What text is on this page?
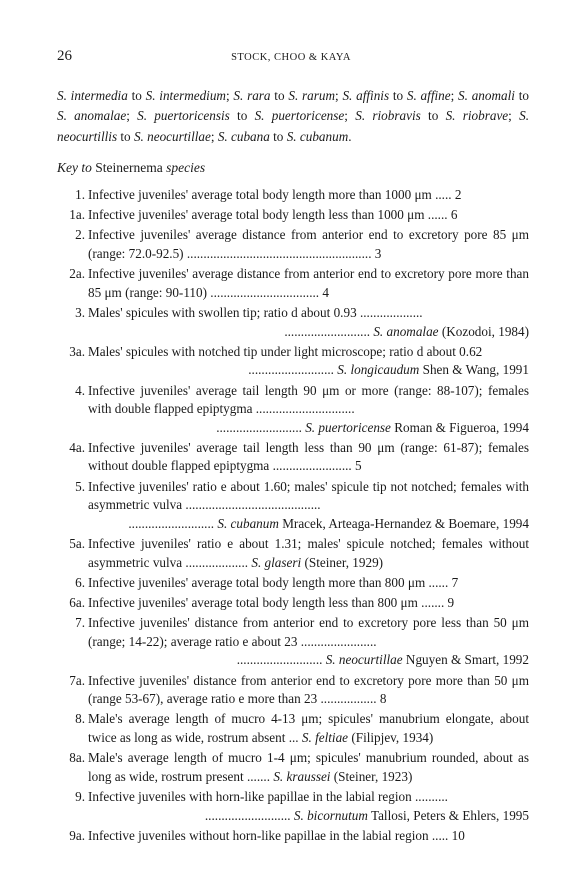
26	STOCK, CHOO & KAYA
S. intermedia to S. intermedium; S. rara to S. rarum; S. affinis to S. affine; S. anomali to S. anomalae; S. puertoricensis to S. puertoricense; S. riobravis to S. riobrave; S. neocurtillis to S. neocurtillae; S. cubana to S. cubanum.
Key to Steinernema species
1. Infective juveniles' average total body length more than 1000 μm ..... 2
1a. Infective juveniles' average total body length less than 1000 μm ...... 6
2. Infective juveniles' average distance from anterior end to excretory pore 85 μm (range: 72.0-92.5) ........................................................ 3
2a. Infective juveniles' average distance from anterior end to excretory pore more than 85 μm (range: 90-110) ................................. 4
3. Males' spicules with swollen tip; ratio d about 0.93 ...................
.......................... S. anomalae (Kozodoi, 1984)
3a. Males' spicules with notched tip under light microscope; ratio d about 0.62
.......................... S. longicaudum Shen & Wang, 1991
4. Infective juveniles' average tail length 90 μm or more (range: 88-107); females with double flapped epiptygma ..............................
.......................... S. puertoricense Roman & Figueroa, 1994
4a. Infective juveniles' average tail length less than 90 μm (range: 61-87); females without double flapped epiptygma ........................ 5
5. Infective juveniles' ratio e about 1.60; males' spicule tip not notched; females with asymmetric vulva .........................................
.......................... S. cubanum Mracek, Arteaga-Hernandez & Boemare, 1994
5a. Infective juveniles' ratio e about 1.31; males' spicule notched; females without asymmetric vulva ................... S. glaseri (Steiner, 1929)
6. Infective juveniles' average total body length more than 800 μm ...... 7
6a. Infective juveniles' average total body length less than 800 μm ....... 9
7. Infective juveniles' distance from anterior end to excretory pore less than 50 μm (range; 14-22); average ratio e about 23 .......................
.......................... S. neocurtillae Nguyen & Smart, 1992
7a. Infective juveniles' distance from anterior end to excretory pore more than 50 μm (range 53-67), average ratio e more than 23 ................. 8
8. Male's average length of mucro 4-13 μm; spicules' manubrium elongate, about twice as long as wide, rostrum absent ... S. feltiae (Filipjev, 1934)
8a. Male's average length of mucro 1-4 μm; spicules' manubrium rounded, about as long as wide, rostrum present ....... S. kraussei (Steiner, 1923)
9. Infective juveniles with horn-like papillae in the labial region ..........
.......................... S. bicornutum Tallosi, Peters & Ehlers, 1995
9a. Infective juveniles without horn-like papillae in the labial region ..... 10
